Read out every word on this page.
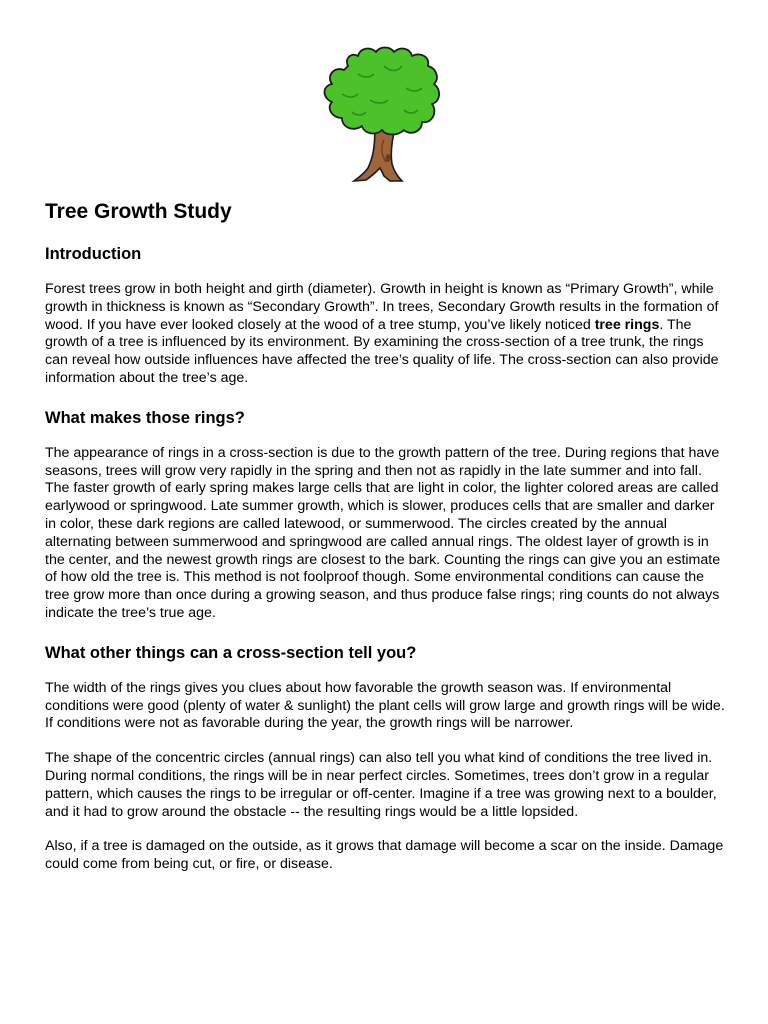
Tree Growth Study
Introduction

Forest trees grow in both height and girth (diameter). Growth in height is known as “Primary Growth”, while growth in thickness is known as “Secondary Growth”. In trees, Secondary Growth results in the formation of wood. If you have ever looked closely at the wood of a tree stump, you’ve likely noticed tree rings. The growth of a tree is influenced by its environment. By examining the cross-section of a tree trunk, the rings can reveal how outside influences have affected the tree’s quality of life. The cross-section can also provide information about the tree’s age.

What makes those rings?

The appearance of rings in a cross-section is due to the growth pattern of the tree. During regions that have seasons, trees will grow very rapidly in the spring and then not as rapidly in the late summer and into fall. The faster growth of early spring makes large cells that are light in color, the lighter colored areas are called earlywood or springwood. Late summer growth, which is slower, produces cells that are smaller and darker in color, these dark regions are called latewood, or summerwood. The circles created by the annual alternating between summerwood and springwood are called annual rings. The oldest layer of growth is in the center, and the newest growth rings are closest to the bark. Counting the rings can give you an estimate of how old the tree is. This method is not foolproof though. Some environmental conditions can cause the tree grow more than once during a growing season, and thus produce false rings; ring counts do not always indicate the tree’s true age.

What other things can a cross-section tell you?

The width of the rings gives you clues about how favorable the growth season was. If environmental conditions were good (plenty of water & sunlight) the plant cells will grow large and growth rings will be wide. If conditions were not as favorable during the year, the growth rings will be narrower.

The shape of the concentric circles (annual rings) can also tell you what kind of conditions the tree lived in. During normal conditions, the rings will be in near perfect circles. Sometimes, trees don’t grow in a regular pattern, which causes the rings to be irregular or off-center. Imagine if a tree was growing next to a boulder, and it had to grow around the obstacle -- the resulting rings would be a little lopsided.

Also, if a tree is damaged on the outside, as it grows that damage will become a scar on the inside. Damage could come from being cut, or fire, or disease.
